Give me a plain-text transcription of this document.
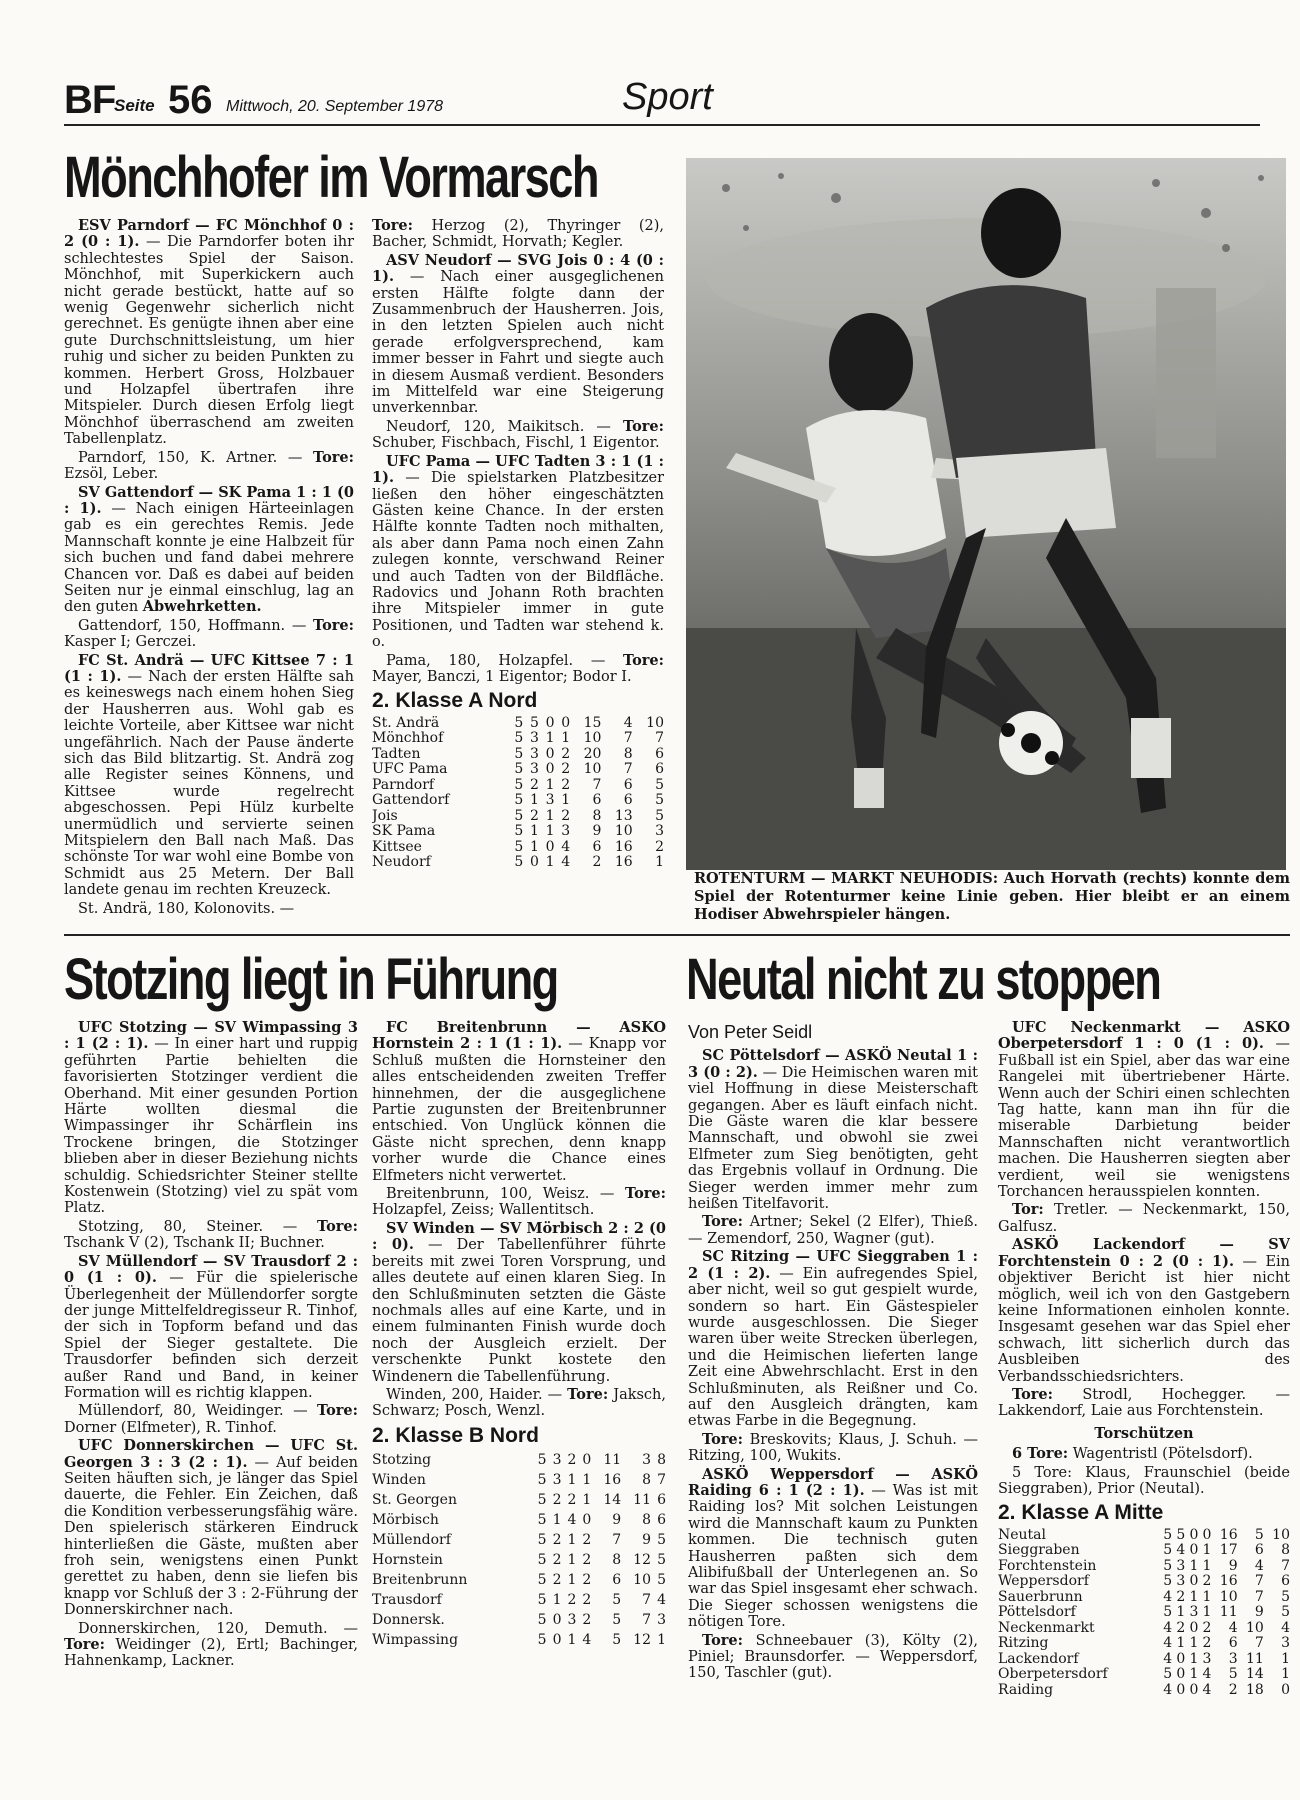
BF
Seite 56 Mittwoch, 20. September 1978	Sport
Mönchhofer im Vormarsch

ESV Parndorf — FC Mönchhof 0 : 2 (0 : 1). — Die Parndorfer boten ihr schlechtestes Spiel der Saison. Mönchhof, mit Superkickern auch nicht gerade bestückt, hatte auf so wenig Gegenwehr sicherlich nicht gerechnet. Es genügte ihnen aber eine gute Durchschnittsleistung, um hier ruhig und sicher zu beiden Punkten zu kommen. Herbert Gross, Holzbauer und Holzapfel übertrafen ihre Mitspieler. Durch diesen Erfolg liegt Mönchhof überraschend am zweiten Tabellenplatz.

Parndorf, 150, K. Artner. — Tore: Ezsöl, Leber.

SV Gattendorf — SK Pama 1 : 1 (0 : 1). — Nach einigen Härteeinlagen gab es ein gerechtes Remis. Jede Mannschaft konnte je eine Halbzeit für sich buchen und fand dabei mehrere Chancen vor. Daß es dabei auf beiden Seiten nur je einmal einschlug, lag an den guten Abwehrketten.

Gattendorf, 150, Hoffmann. — Tore: Kasper I; Gerczei.

FC St. Andrä — UFC Kittsee 7 : 1 (1 : 1). — Nach der ersten Hälfte sah es keineswegs nach einem hohen Sieg der Hausherren aus. Wohl gab es leichte Vorteile, aber Kittsee war nicht ungefährlich. Nach der Pause änderte sich das Bild blitzartig. St. Andrä zog alle Register seines Könnens, und Kittsee wurde regelrecht abgeschossen. Pepi Hülz kurbelte unermüdlich und servierte seinen Mitspielern den Ball nach Maß. Das schönste Tor war wohl eine Bombe von Schmidt aus 25 Metern. Der Ball landete genau im rechten Kreuzeck.

St. Andrä, 180, Kolonovits. —

Tore: Herzog (2), Thyringer (2), Bacher, Schmidt, Horvath; Kegler.

ASV Neudorf — SVG Jois 0 : 4 (0 : 1). — Nach einer ausgeglichenen ersten Hälfte folgte dann der Zusammenbruch der Hausherren. Jois, in den letzten Spielen auch nicht gerade erfolgversprechend, kam immer besser in Fahrt und siegte auch in diesem Ausmaß verdient. Besonders im Mittelfeld war eine Steigerung unverkennbar.

Neudorf, 120, Maikitsch. — Tore: Schuber, Fischbach, Fischl, 1 Eigentor.

UFC Pama — UFC Tadten 3 : 1 (1 : 1). — Die spielstarken Platzbesitzer ließen den höher eingeschätzten Gästen keine Chance. In der ersten Hälfte konnte Tadten noch mithalten, als aber dann Pama noch einen Zahn zulegen konnte, verschwand Reiner und auch Tadten von der Bildfläche. Radovics und Johann Roth brachten ihre Mitspieler immer in gute Positionen, und Tadten war stehend k. o.

Pama, 180, Holzapfel. — Tore: Mayer, Banczi, 1 Eigentor; Bodor I.

2. Klasse A Nord
St. Andrä	5	5	0	0	15	4	10
Mönchhof	5	3	1	1	10	7	7
Tadten	5	3	0	2	20	8	6
UFC Pama	5	3	0	2	10	7	6
Parndorf	5	2	1	2	7	6	5
Gattendorf	5	1	3	1	6	6	5
Jois	5	2	1	2	8	13	5
SK Pama	5	1	1	3	9	10	3
Kittsee	5	1	0	4	6	16	2
Neudorf	5	0	1	4	2	16	1
ROTENTURM — MARKT NEUHODIS: Auch Horvath (rechts) konnte dem Spiel der Rotenturmer keine Linie geben. Hier bleibt er an einem Hodiser Abwehrspieler hängen.
Stotzing liegt in Führung

UFC Stotzing — SV Wimpassing 3 : 1 (2 : 1). — In einer hart und ruppig geführten Partie behielten die favorisierten Stotzinger verdient die Oberhand. Mit einer gesunden Portion Härte wollten diesmal die Wimpassinger ihr Schärflein ins Trockene bringen, die Stotzinger blieben aber in dieser Beziehung nichts schuldig. Schiedsrichter Steiner stellte Kostenwein (Stotzing) viel zu spät vom Platz.

Stotzing, 80, Steiner. — Tore: Tschank V (2), Tschank II; Buchner.

SV Müllendorf — SV Trausdorf 2 : 0 (1 : 0). — Für die spielerische Überlegenheit der Müllendorfer sorgte der junge Mittelfeldregisseur R. Tinhof, der sich in Topform befand und das Spiel der Sieger gestaltete. Die Trausdorfer befinden sich derzeit außer Rand und Band, in keiner Formation will es richtig klappen.

Müllendorf, 80, Weidinger. — Tore: Dorner (Elfmeter), R. Tinhof.

UFC Donnerskirchen — UFC St. Georgen 3 : 3 (2 : 1). — Auf beiden Seiten häuften sich, je länger das Spiel dauerte, die Fehler. Ein Zeichen, daß die Kondition verbesserungsfähig wäre. Den spielerisch stärkeren Eindruck hinterließen die Gäste, mußten aber froh sein, wenigstens einen Punkt gerettet zu haben, denn sie liefen bis knapp vor Schluß der 3 : 2-Führung der Donnerskirchner nach.

Donnerskirchen, 120, Demuth. — Tore: Weidinger (2), Ertl; Bachinger, Hahnenkamp, Lackner.

FC Breitenbrunn — ASKÖ Hornstein 2 : 1 (1 : 1). — Knapp vor Schluß mußten die Hornsteiner den alles entscheidenden zweiten Treffer hinnehmen, der die ausgeglichene Partie zugunsten der Breitenbrunner entschied. Von Unglück können die Gäste nicht sprechen, denn knapp vorher wurde die Chance eines Elfmeters nicht verwertet.

Breitenbrunn, 100, Weisz. — Tore: Holzapfel, Zeiss; Wallentitsch.

SV Winden — SV Mörbisch 2 : 2 (0 : 0). — Der Tabellenführer führte bereits mit zwei Toren Vorsprung, und alles deutete auf einen klaren Sieg. In den Schlußminuten setzten die Gäste nochmals alles auf eine Karte, und in einem fulminanten Finish wurde doch noch der Ausgleich erzielt. Der verschenkte Punkt kostete den Windenern die Tabellenführung.

Winden, 200, Haider. — Tore: Jaksch, Schwarz; Posch, Wenzl.

2. Klasse B Nord
Stotzing	5	3	2	0	11	3	8
Winden	5	3	1	1	16	8	7
St. Georgen	5	2	2	1	14	11	6
Mörbisch	5	1	4	0	9	8	6
Müllendorf	5	2	1	2	7	9	5
Hornstein	5	2	1	2	8	12	5
Breitenbrunn	5	2	1	2	6	10	5
Trausdorf	5	1	2	2	5	7	4
Donnersk.	5	0	3	2	5	7	3
Wimpassing	5	0	1	4	5	12	1
Neutal nicht zu stoppen
Von Peter Seidl

SC Pöttelsdorf — ASKÖ Neutal 1 : 3 (0 : 2). — Die Heimischen waren mit viel Hoffnung in diese Meisterschaft gegangen. Aber es läuft einfach nicht. Die Gäste waren die klar bessere Mannschaft, und obwohl sie zwei Elfmeter zum Sieg benötigten, geht das Ergebnis vollauf in Ordnung. Die Sieger werden immer mehr zum heißen Titelfavorit.

Tore: Artner; Sekel (2 Elfer), Thieß. — Zemendorf, 250, Wagner (gut).

SC Ritzing — UFC Sieggraben 1 : 2 (1 : 2). — Ein aufregendes Spiel, aber nicht, weil so gut gespielt wurde, sondern so hart. Ein Gästespieler wurde ausgeschlossen. Die Sieger waren über weite Strecken überlegen, und die Heimischen lieferten lange Zeit eine Abwehrschlacht. Erst in den Schlußminuten, als Reißner und Co. auf den Ausgleich drängten, kam etwas Farbe in die Begegnung.

Tore: Breskovits; Klaus, J. Schuh. — Ritzing, 100, Wukits.

ASKÖ Weppersdorf — ASKÖ Raiding 6 : 1 (2 : 1). — Was ist mit Raiding los? Mit solchen Leistungen wird die Mannschaft kaum zu Punkten kommen. Die technisch guten Hausherren paßten sich dem Alibifußball der Unterlegenen an. So war das Spiel insgesamt eher schwach. Die Sieger schossen wenigstens die nötigen Tore.

Tore: Schneebauer (3), Költy (2), Piniel; Braunsdorfer. — Weppersdorf, 150, Taschler (gut).

UFC Neckenmarkt — ASKÖ Oberpetersdorf 1 : 0 (1 : 0). — Fußball ist ein Spiel, aber das war eine Rangelei mit übertriebener Härte. Wenn auch der Schiri einen schlechten Tag hatte, kann man ihn für die miserable Darbietung beider Mannschaften nicht verantwortlich machen. Die Hausherren siegten aber verdient, weil sie wenigstens Torchancen herausspielen konnten.

Tor: Tretler. — Neckenmarkt, 150, Galfusz.

ASKÖ Lackendorf — SV Forchtenstein 0 : 2 (0 : 1). — Ein objektiver Bericht ist hier nicht möglich, weil ich von den Gastgebern keine Informationen einholen konnte. Insgesamt gesehen war das Spiel eher schwach, litt sicherlich durch das Ausbleiben des Verbandsschiedsrichters.

Tore: Strodl, Hochegger. — Lakkendorf, Laie aus Forchtenstein.

Torschützen

6 Tore: Wagentristl (Pötelsdorf).

5 Tore: Klaus, Fraunschiel (beide Sieggraben), Prior (Neutal).

2. Klasse A Mitte
Neutal	5	5	0	0	16	5	10
Sieggraben	5	4	0	1	17	6	8
Forchtenstein	5	3	1	1	9	4	7
Weppersdorf	5	3	0	2	16	7	6
Sauerbrunn	4	2	1	1	10	7	5
Pöttelsdorf	5	1	3	1	11	9	5
Neckenmarkt	4	2	0	2	4	10	4
Ritzing	4	1	1	2	6	7	3
Lackendorf	4	0	1	3	3	11	1
Oberpetersdorf	5	0	1	4	5	14	1
Raiding	4	0	0	4	2	18	0
